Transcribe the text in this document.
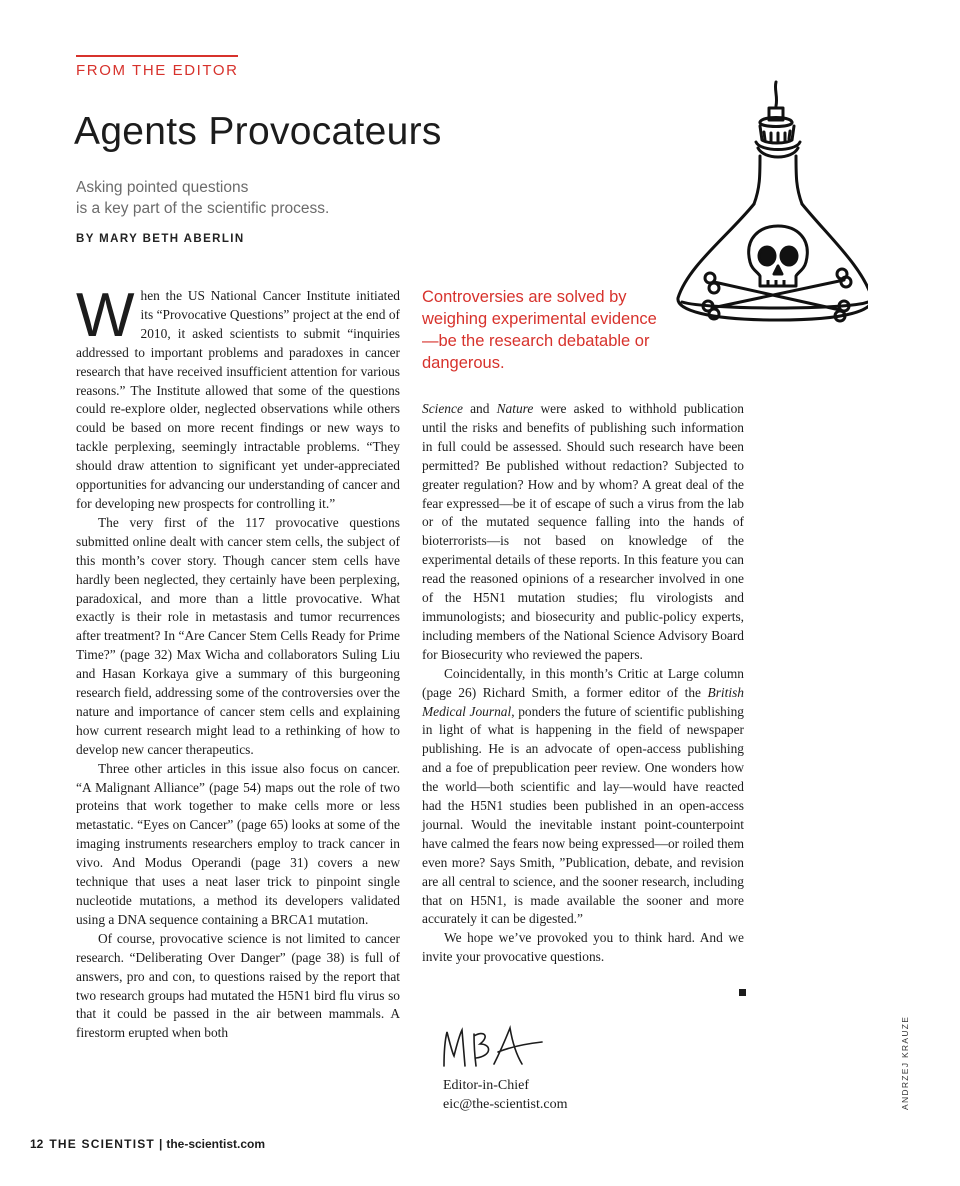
FROM THE EDITOR
Agents Provocateurs
Asking pointed questions
is a key part of the scientific process.
BY MARY BETH ABERLIN

When the US National Cancer Institute initiated its “Provocative Questions” project at the end of 2010, it asked scientists to submit “inquiries addressed to important problems and paradoxes in cancer research that have received insufficient attention for various reasons.” The Institute allowed that some of the questions could re-explore older, neglected observations while others could be based on more recent findings or new ways to tackle perplexing, seemingly intractable problems. “They should draw attention to significant yet under-appreciated opportunities for advancing our understanding of cancer and for developing new prospects for controlling it.”

The very first of the 117 provocative questions submitted online dealt with cancer stem cells, the subject of this month’s cover story. Though cancer stem cells have hardly been neglected, they certainly have been perplexing, paradoxical, and more than a little provocative. What exactly is their role in metastasis and tumor recurrences after treatment? In “Are Cancer Stem Cells Ready for Prime Time?” (page 32) Max Wicha and collaborators Suling Liu and Hasan Korkaya give a summary of this burgeoning research field, addressing some of the controversies over the nature and importance of cancer stem cells and explaining how current research might lead to a rethinking of how to develop new cancer therapeutics.

Three other articles in this issue also focus on cancer. “A Malignant Alliance” (page 54) maps out the role of two proteins that work together to make cells more or less metastatic. “Eyes on Cancer” (page 65) looks at some of the imaging instruments researchers employ to track cancer in vivo. And Modus Operandi (page 31) covers a new technique that uses a neat laser trick to pinpoint single nucleotide mutations, a method its developers validated using a DNA sequence containing a BRCA1 mutation.

Of course, provocative science is not limited to cancer research. “Deliberating Over Danger” (page 38) is full of answers, pro and con, to questions raised by the report that two research groups had mutated the H5N1 bird flu virus so that it could be passed in the air between mammals. A firestorm erupted when both

Controversies are solved by weighing experimental evidence—be the research debatable or dangerous.

Science and Nature were asked to withhold publication until the risks and benefits of publishing such information in full could be assessed. Should such research have been permitted? Be published without redaction? Subjected to greater regulation? How and by whom? A great deal of the fear expressed—be it of escape of such a virus from the lab or of the mutated sequence falling into the hands of bioterrorists—is not based on knowledge of the experimental details of these reports. In this feature you can read the reasoned opinions of a researcher involved in one of the H5N1 mutation studies; flu virologists and immunologists; and biosecurity and public-policy experts, including members of the National Science Advisory Board for Biosecurity who reviewed the papers.

Coincidentally, in this month’s Critic at Large column (page 26) Richard Smith, a former editor of the British Medical Journal, ponders the future of scientific publishing in light of what is happening in the field of newspaper publishing. He is an advocate of open-access publishing and a foe of prepublication peer review. One wonders how the world—both scientific and lay—would have reacted had the H5N1 studies been published in an open-access journal. Would the inevitable instant point-counterpoint have calmed the fears now being expressed—or roiled them even more? Says Smith, ”Publication, debate, and revision are all central to science, and the sooner research, including that on H5N1, is made available the sooner and more accurately it can be digested.”

We hope we’ve provoked you to think hard. And we invite your provocative questions.

Editor-in-Chief
eic@the-scientist.com	ANDRZEJ KRAUZE
12 THE SCIENTIST | the-scientist.com
